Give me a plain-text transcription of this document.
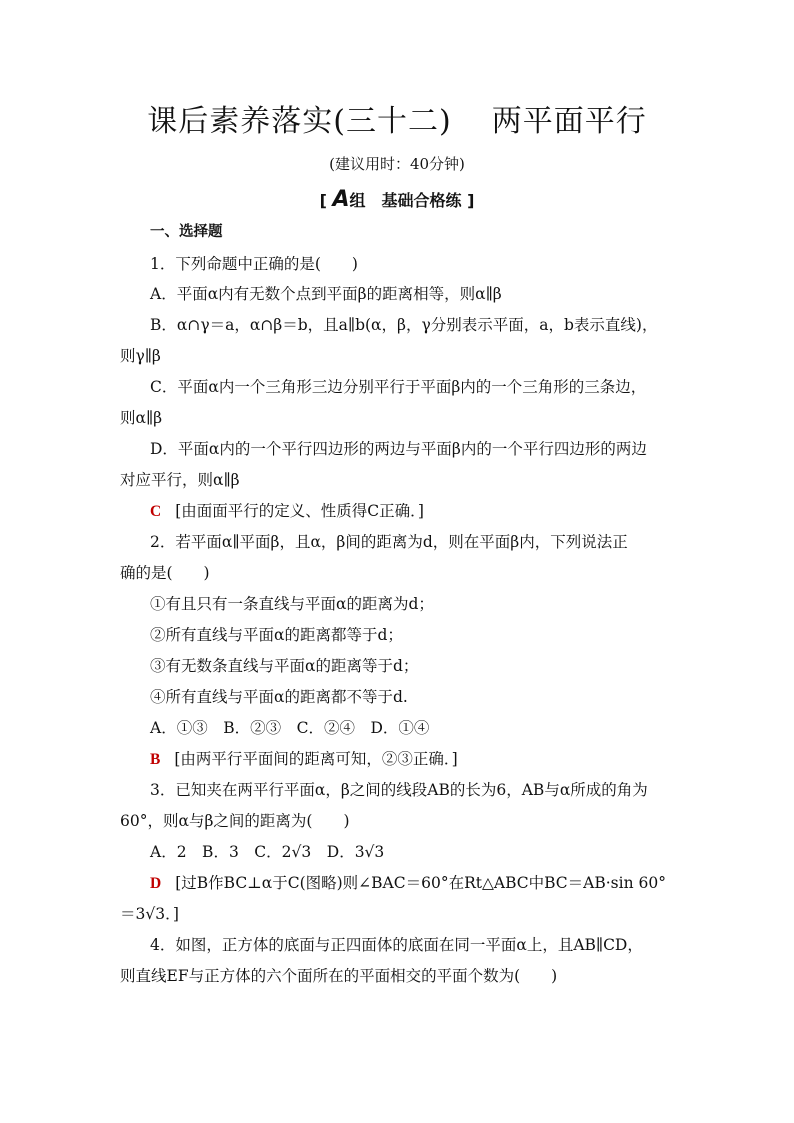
课后素养落实(三十二) 两平面平行
(建议用时：40分钟)
[ A组　基础合格练 ]
一、选择题
1．下列命题中正确的是(　　)
A．平面α内有无数个点到平面β的距离相等，则α∥β
B．α∩γ＝a，α∩β＝b，且a∥b(α，β，γ分别表示平面，a，b表示直线)，
则γ∥β
C．平面α内一个三角形三边分别平行于平面β内的一个三角形的三条边，
则α∥β
D．平面α内的一个平行四边形的两边与平面β内的一个平行四边形的两边
对应平行，则α∥β
C [由面面平行的定义、性质得C正确．]
2．若平面α∥平面β，且α，β间的距离为d，则在平面β内，下列说法正
确的是(　　)
①有且只有一条直线与平面α的距离为d；
②所有直线与平面α的距离都等于d；
③有无数条直线与平面α的距离等于d；
④所有直线与平面α的距离都不等于d.
A．①③　B．②③　C．②④　D．①④
B [由两平行平面间的距离可知，②③正确．]
3．已知夹在两平行平面α，β之间的线段AB的长为6，AB与α所成的角为
60°，则α与β之间的距离为(　　)
A．2　B．3　C．2√3　D．3√3
D [过B作BC⊥α于C(图略)则∠BAC＝60°在Rt△ABC中BC＝AB·sin 60°
＝3√3．]
4．如图，正方体的底面与正四面体的底面在同一平面α上，且AB∥CD，
则直线EF与正方体的六个面所在的平面相交的平面个数为(　　)
